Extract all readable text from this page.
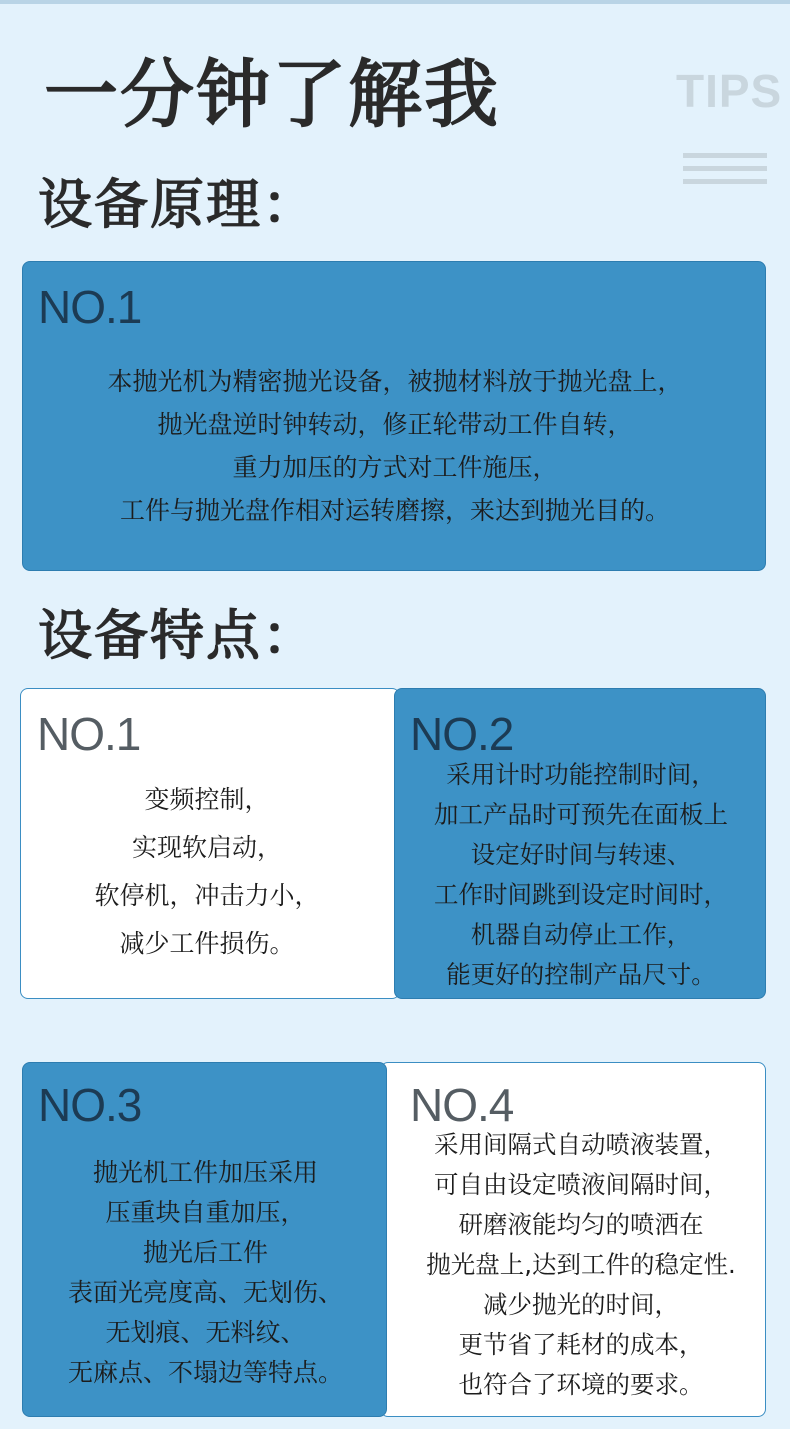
一分钟了解我	TIPS
设备原理：
NO.1
本抛光机为精密抛光设备，被抛材料放于抛光盘上，
抛光盘逆时钟转动，修正轮带动工件自转，
重力加压的方式对工件施压，
工件与抛光盘作相对运转磨擦，来达到抛光目的。
设备特点：
NO.1
变频控制，
实现软启动，
软停机，冲击力小，
减少工件损伤。
NO.2
采用计时功能控制时间，
加工产品时可预先在面板上
设定好时间与转速、
工作时间跳到设定时间时，
机器自动停止工作，
能更好的控制产品尺寸。
NO.4
采用间隔式自动喷液装置，
可自由设定喷液间隔时间，
研磨液能均匀的喷洒在
抛光盘上,达到工件的稳定性.
减少抛光的时间，
更节省了耗材的成本，
也符合了环境的要求。
NO.3
抛光机工件加压采用
压重块自重加压，
抛光后工件
表面光亮度高、无划伤、
无划痕、无料纹、
无麻点、不塌边等特点。
